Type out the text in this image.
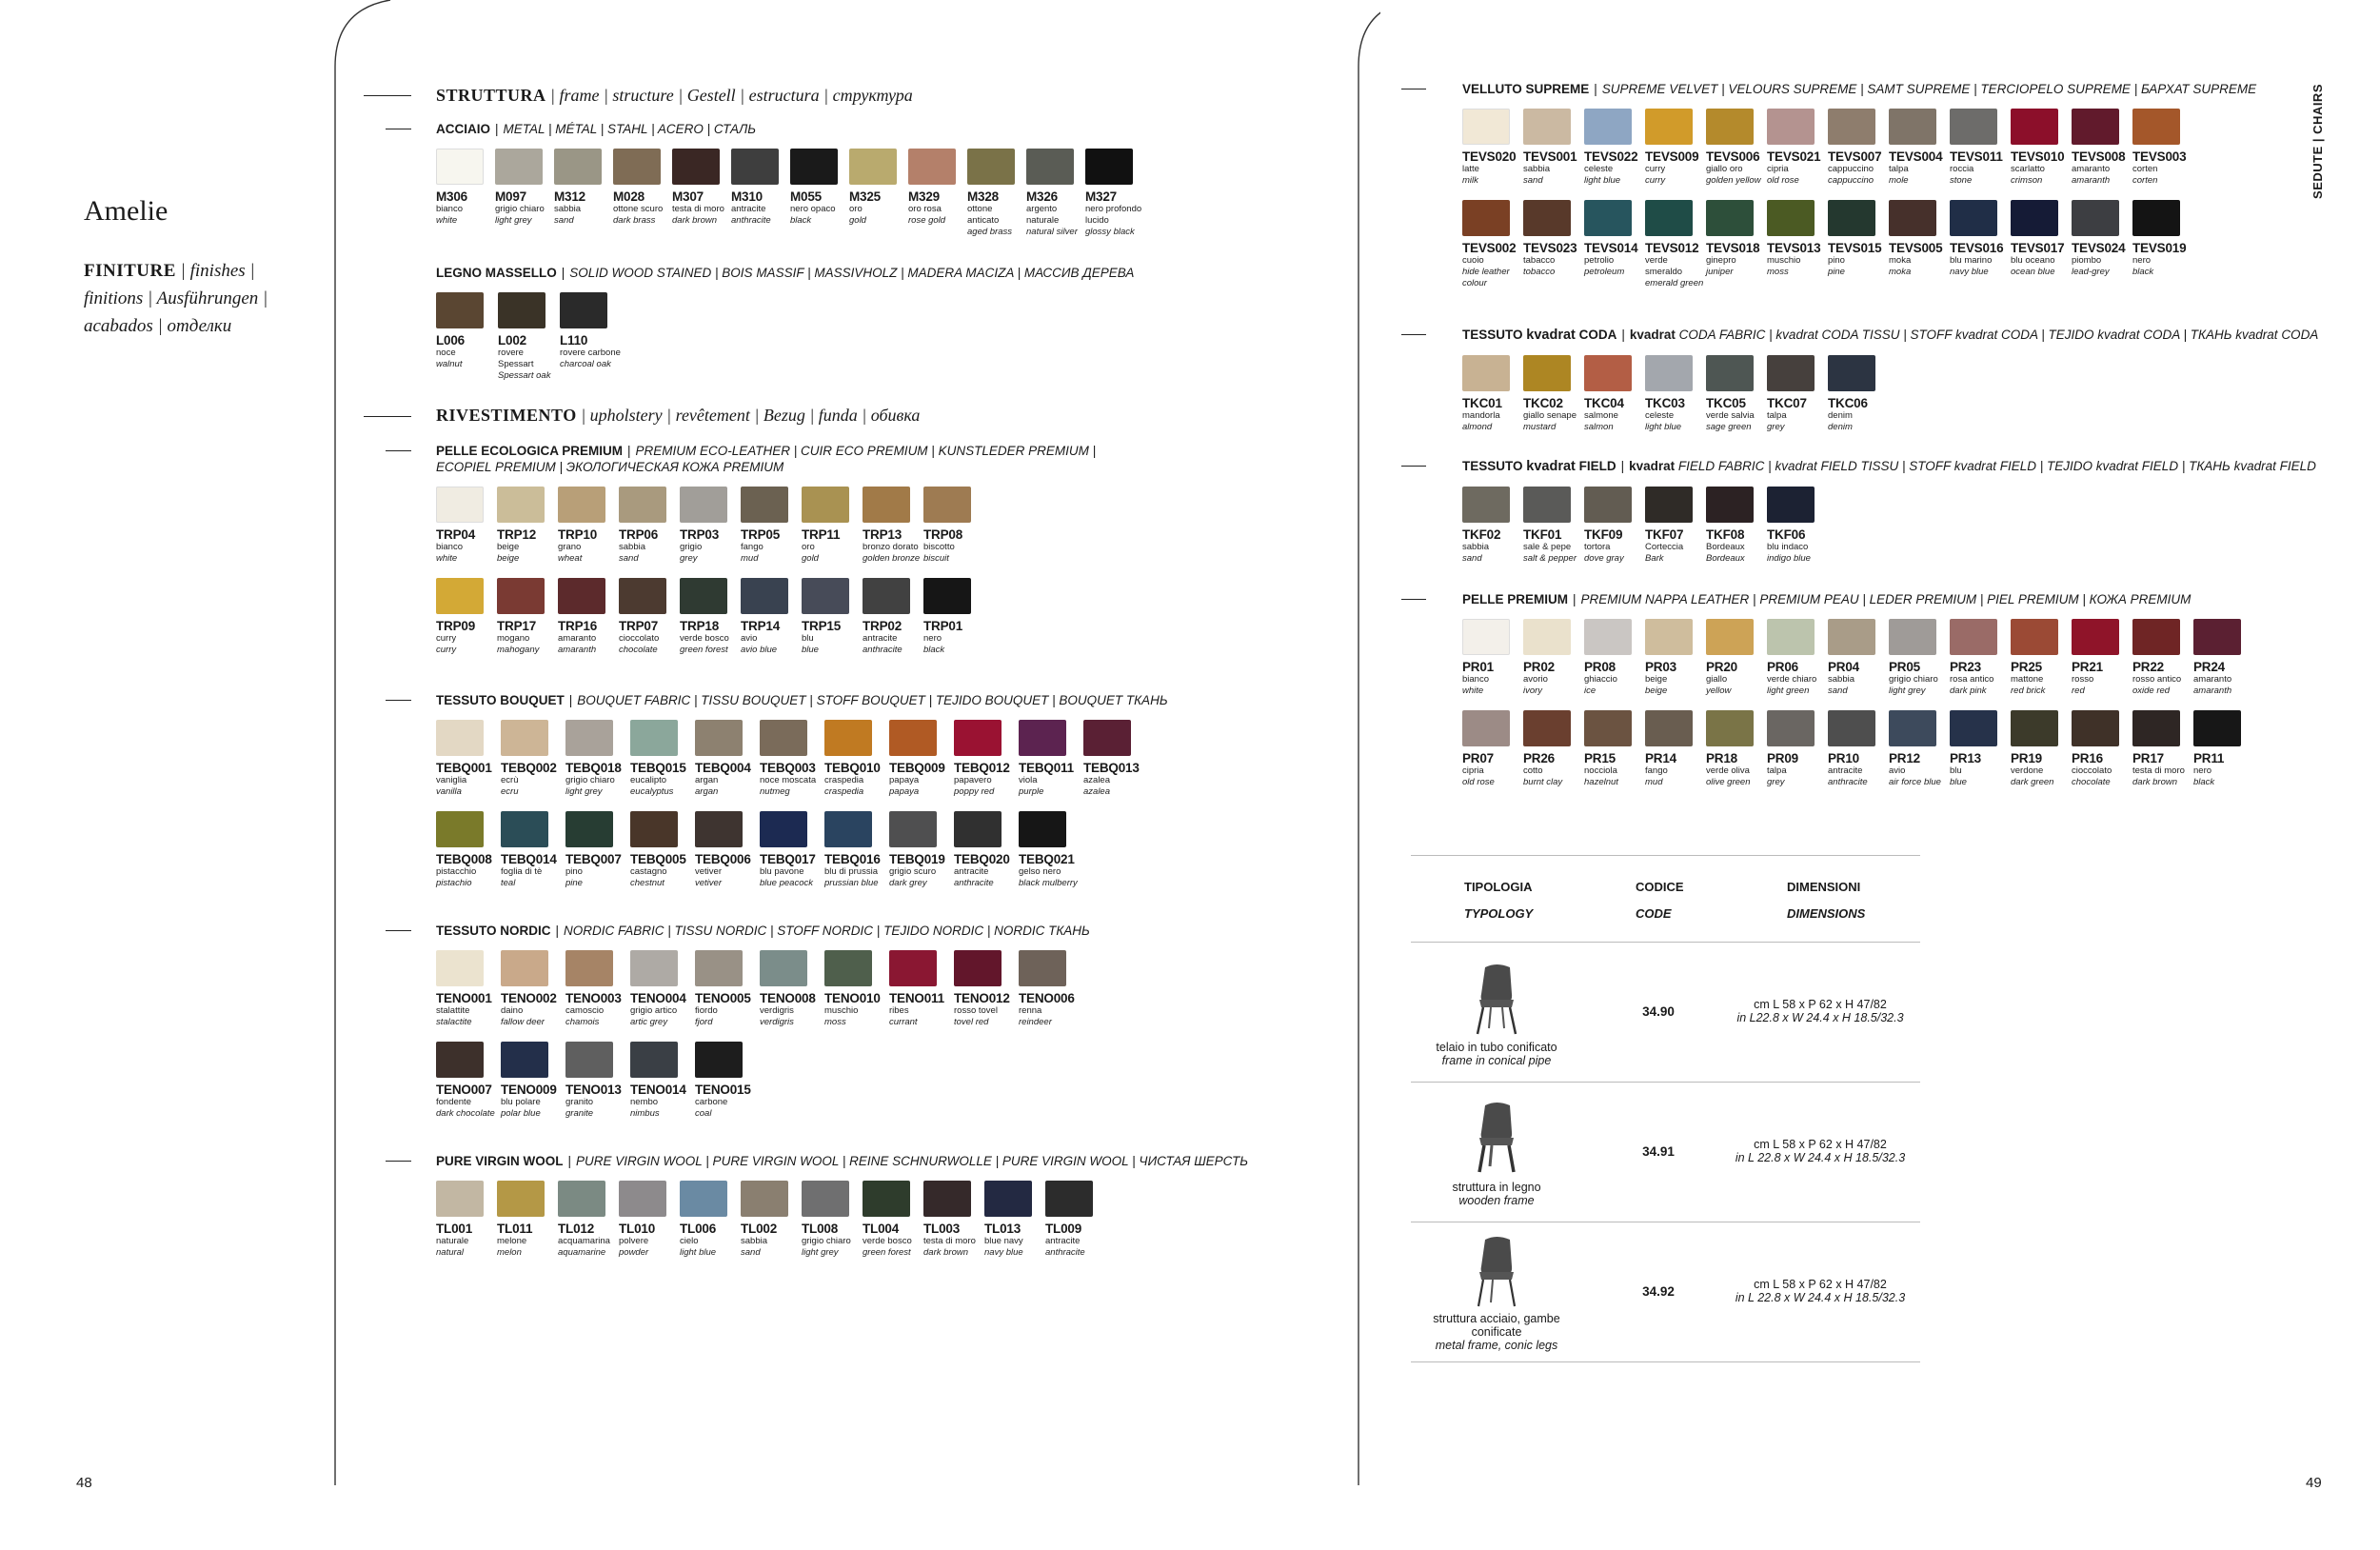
48
Amelie
FINITURE | finishes | finitions | Ausführungen | acabados | отделки
STRUTTURA | frame | structure | Gestell | estructura | структура
ACCIAIO | METAL | MÉTAL | STAHL | ACERO | СТАЛЬ
M306
bianco
white
M097
grigio chiaro
light grey
M312
sabbia
sand
M028
ottone scuro
dark brass
M307
testa di moro
dark brown
M310
antracite
anthracite
M055
nero opaco
black
M325
oro
gold
M329
oro rosa
rose gold
M328
ottone anticato
aged brass
M326
argento naturale
natural silver
M327
nero profondo lucido
glossy black
LEGNO MASSELLO | SOLID WOOD STAINED | BOIS MASSIF | MASSIVHOLZ | MADERA MACIZA | МАССИВ ДЕРЕВА
L006
noce
walnut
L002
rovere Spessart
Spessart oak
L110
rovere carbone
charcoal oak
RIVESTIMENTO | upholstery | revêtement | Bezug | funda | обивка
PELLE ECOLOGICA PREMIUM | PREMIUM ECO-LEATHER | CUIR ECO PREMIUM | KUNSTLEDER PREMIUM |
ECOPIEL PREMIUM | ЭКОЛОГИЧЕСКАЯ КОЖА PREMIUM
TRP04
bianco
white
TRP12
beige
beige
TRP10
grano
wheat
TRP06
sabbia
sand
TRP03
grigio
grey
TRP05
fango
mud
TRP11
oro
gold
TRP13
bronzo dorato
golden bronze
TRP08
biscotto
biscuit
TRP09
curry
curry
TRP17
mogano
mahogany
TRP16
amaranto
amaranth
TRP07
cioccolato
chocolate
TRP18
verde bosco
green forest
TRP14
avio
avio blue
TRP15
blu
blue
TRP02
antracite
anthracite
TRP01
nero
black
TESSUTO BOUQUET | BOUQUET FABRIC | TISSU BOUQUET | STOFF BOUQUET | TEJIDO BOUQUET | BOUQUET ТКАНЬ
TEBQ001
vaniglia
vanilla
TEBQ002
ecrù
ecru
TEBQ018
grigio chiaro
light grey
TEBQ015
eucalipto
eucalyptus
TEBQ004
argan
argan
TEBQ003
noce moscata
nutmeg
TEBQ010
craspedia
craspedia
TEBQ009
papaya
papaya
TEBQ012
papavero
poppy red
TEBQ011
viola
purple
TEBQ013
azalea
azalea
TEBQ008
pistacchio
pistachio
TEBQ014
foglia di tè
teal
TEBQ007
pino
pine
TEBQ005
castagno
chestnut
TEBQ006
vetiver
vetiver
TEBQ017
blu pavone
blue peacock
TEBQ016
blu di prussia
prussian blue
TEBQ019
grigio scuro
dark grey
TEBQ020
antracite
anthracite
TEBQ021
gelso nero
black mulberry
TESSUTO NORDIC | NORDIC FABRIC | TISSU NORDIC | STOFF NORDIC | TEJIDO NORDIC | NORDIC ТКАНЬ
TENO001
stalattite
stalactite
TENO002
daino
fallow deer
TENO003
camoscio
chamois
TENO004
grigio artico
artic grey
TENO005
fiordo
fjord
TENO008
verdigris
verdigris
TENO010
muschio
moss
TENO011
ribes
currant
TENO012
rosso tovel
tovel red
TENO006
renna
reindeer
TENO007
fondente
dark chocolate
TENO009
blu polare
polar blue
TENO013
granito
granite
TENO014
nembo
nimbus
TENO015
carbone
coal
PURE VIRGIN WOOL | PURE VIRGIN WOOL | PURE VIRGIN WOOL | REINE SCHNURWOLLE | PURE VIRGIN WOOL | ЧИСТАЯ ШЕРСТЬ
TL001
naturale
natural
TL011
melone
melon
TL012
acquamarina
aquamarine
TL010
polvere
powder
TL006
cielo
light blue
TL002
sabbia
sand
TL008
grigio chiaro
light grey
TL004
verde bosco
green forest
TL003
testa di moro
dark brown
TL013
blue navy
navy blue
TL009
antracite
anthracite
49
SEDUTE | CHAIRS
VELLUTO SUPREME | SUPREME VELVET | VELOURS SUPREME | SAMT SUPREME | TERCIOPELO SUPREME | БАРХАТ SUPREME
TEVS020
latte
milk
TEVS001
sabbia
sand
TEVS022
celeste
light blue
TEVS009
curry
curry
TEVS006
giallo oro
golden yellow
TEVS021
cipria
old rose
TEVS007
cappuccino
cappuccino
TEVS004
talpa
mole
TEVS011
roccia
stone
TEVS010
scarlatto
crimson
TEVS008
amaranto
amaranth
TEVS003
corten
corten
TEVS002
cuoio
hide leather colour
TEVS023
tabacco
tobacco
TEVS014
petrolio
petroleum
TEVS012
verde smeraldo
emerald green
TEVS018
ginepro
juniper
TEVS013
muschio
moss
TEVS015
pino
pine
TEVS005
moka
moka
TEVS016
blu marino
navy blue
TEVS017
blu oceano
ocean blue
TEVS024
piombo
lead-grey
TEVS019
nero
black
TESSUTO kvadrat CODA | kvadrat CODA FABRIC | kvadrat CODA TISSU | STOFF kvadrat CODA | TEJIDO kvadrat CODA | ТКАНЬ kvadrat CODA
TKC01
mandorla
almond
TKC02
giallo senape
mustard
TKC04
salmone
salmon
TKC03
celeste
light blue
TKC05
verde salvia
sage green
TKC07
talpa
grey
TKC06
denim
denim
TESSUTO kvadrat FIELD | kvadrat FIELD FABRIC | kvadrat FIELD TISSU | STOFF kvadrat FIELD | TEJIDO kvadrat FIELD | ТКАНЬ kvadrat FIELD
TKF02
sabbia
sand
TKF01
sale & pepe
salt & pepper
TKF09
tortora
dove gray
TKF07
Corteccia
Bark
TKF08
Bordeaux
Bordeaux
TKF06
blu indaco
indigo blue
PELLE PREMIUM | PREMIUM NAPPA LEATHER | PREMIUM PEAU | LEDER PREMIUM | PIEL PREMIUM | КОЖА PREMIUM
PR01
bianco
white
PR02
avorio
ivory
PR08
ghiaccio
ice
PR03
beige
beige
PR20
giallo
yellow
PR06
verde chiaro
light green
PR04
sabbia
sand
PR05
grigio chiaro
light grey
PR23
rosa antico
dark pink
PR25
mattone
red brick
PR21
rosso
red
PR22
rosso antico
oxide red
PR24
amaranto
amaranth
PR07
cipria
old rose
PR26
cotto
burnt clay
PR15
nocciola
hazelnut
PR14
fango
mud
PR18
verde oliva
olive green
PR09
talpa
grey
PR10
antracite
anthracite
PR12
avio
air force blue
PR13
blu
blue
PR19
verdone
dark green
PR16
cioccolato
chocolate
PR17
testa di moro
dark brown
PR11
nero
black
TIPOLOGIA
TYPOLOGY
CODICE
CODE
DIMENSIONI
DIMENSIONS
telaio in tubo conificato
frame in conical pipe
34.90	cm L 58 x P 62 x H 47/82
in L22.8 x W 24.4 x H 18.5/32.3
struttura in legno
wooden frame
34.91	cm L 58 x P 62 x H 47/82
in L 22.8 x W 24.4 x H 18.5/32.3
struttura acciaio, gambe conificate
metal frame, conic legs
34.92	cm L 58 x P 62 x H 47/82
in L 22.8 x W 24.4 x H 18.5/32.3
